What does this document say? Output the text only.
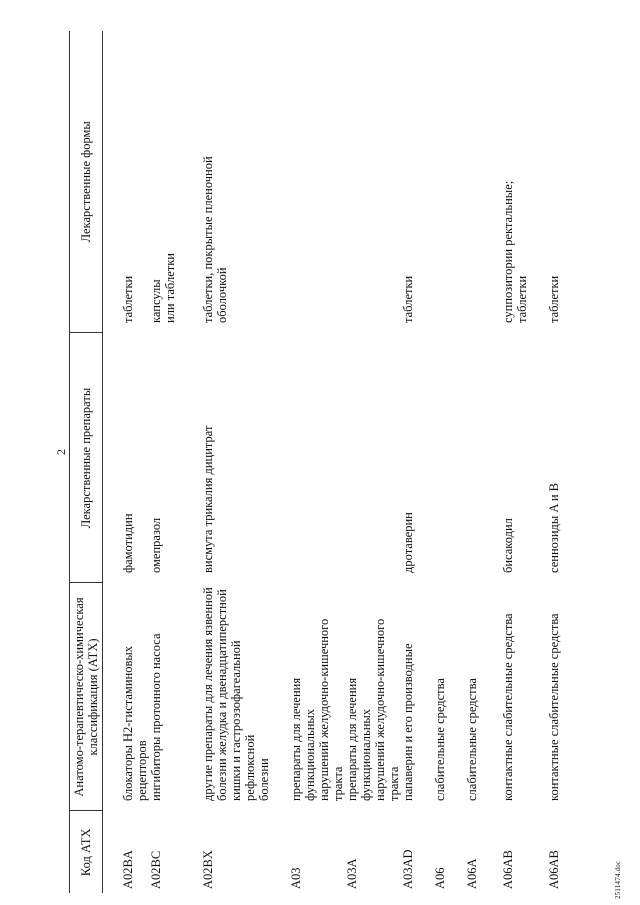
2
Код АТХ	Анатомо-терапевтическо-химическая
классификация (АТХ)	Лекарственные препараты	Лекарственные формы
A02BA	блокаторы H2-гистаминовых рецепторов	фамотидин	таблетки
A02BC	ингибиторы протонного насоса	омепразол	капсулы
или таблетки
A02BX	другие препараты для лечения язвенной
болезни желудка и двенадцатиперстной
кишки и гастроэзофагеальной рефлюксной
болезни	висмута трикалия дицитрат	таблетки, покрытые пленочной
оболочкой
A03	препараты для лечения функциональных
нарушений желудочно-кишечного тракта		
A03A	препараты для лечения функциональных
нарушений желудочно-кишечного тракта		
A03AD	папаверин и его производные	дротаверин	таблетки
A06	слабительные средства		
A06A	слабительные средства		
A06AB	контактные слабительные средства	бисакодил	суппозитории ректальные;
таблетки
A06AB	контактные слабительные средства	сеннозиды A и B	таблетки
2511474.doc
